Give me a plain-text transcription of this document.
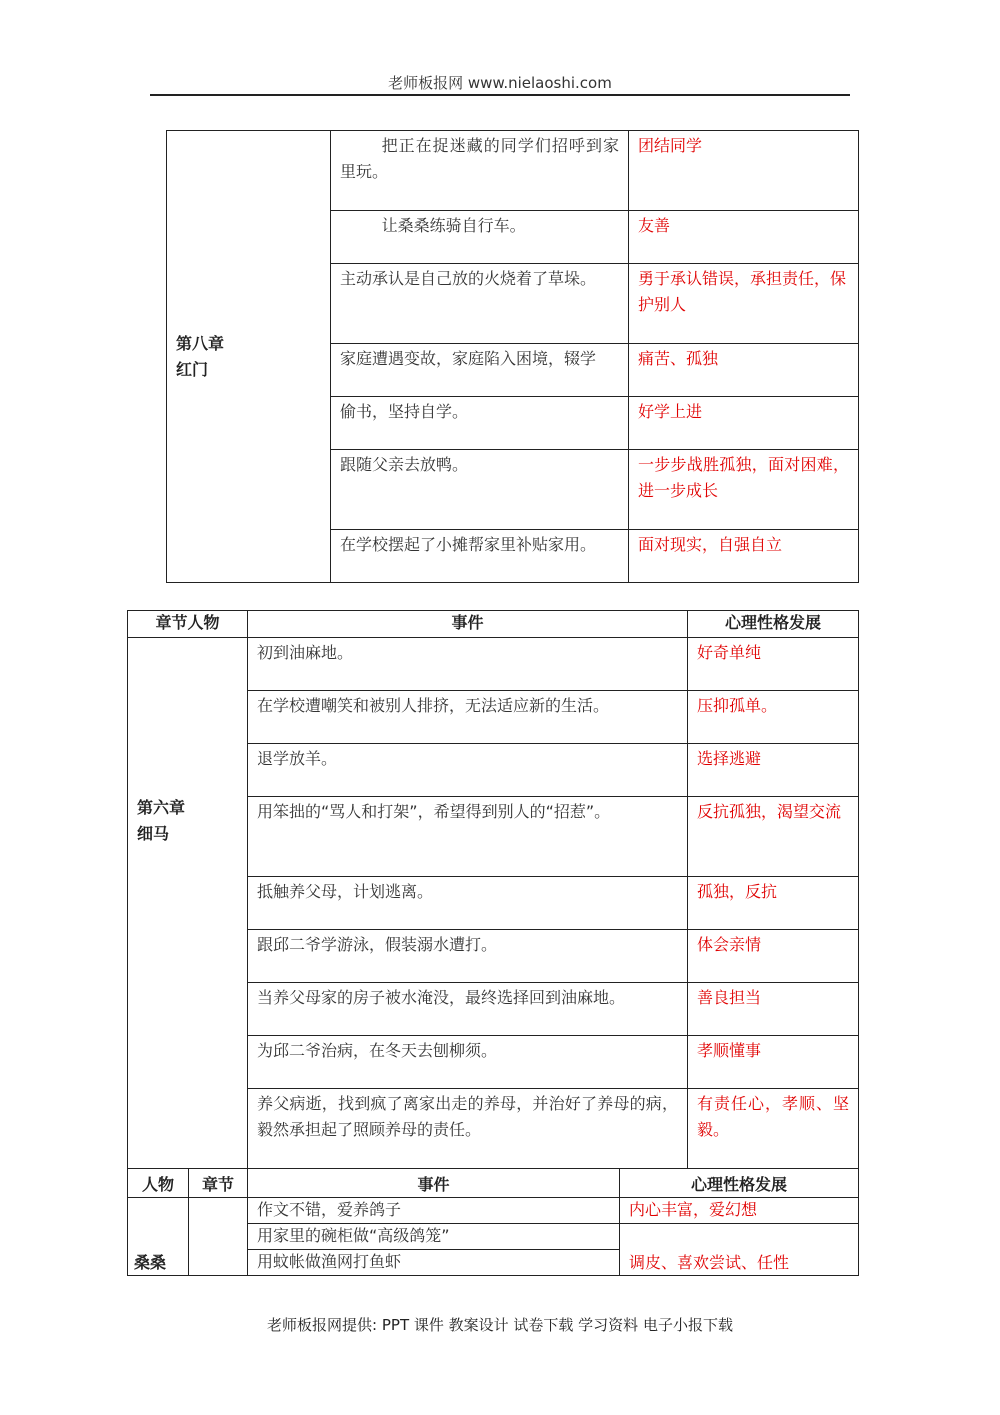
老师板报网 www.nielaoshi.com
第八章
红门	把正在捉迷藏的同学们招呼到家里玩。	团结同学
	让桑桑练骑自行车。	友善
	主动承认是自己放的火烧着了草垛。	勇于承认错误，承担责任，保护别人
	家庭遭遇变故，家庭陷入困境，辍学	痛苦、孤独
	偷书，坚持自学。	好学上进
	跟随父亲去放鸭。	一步步战胜孤独，面对困难，进一步成长
	在学校摆起了小摊帮家里补贴家用。	面对现实，自强自立
章节人物	事件	心理性格发展

第六章
细马	初到油麻地。	好奇单纯
	在学校遭嘲笑和被别人排挤，无法适应新的生活。	压抑孤单。
	退学放羊。	选择逃避
	用笨拙的“骂人和打架”，希望得到别人的“招惹”。	反抗孤独，渴望交流
	抵触养父母，计划逃离。	孤独，反抗
	跟邱二爷学游泳，假装溺水遭打。	体会亲情
	当养父母家的房子被水淹没，最终选择回到油麻地。	善良担当
	为邱二爷治病，在冬天去刨柳须。	孝顺懂事
	养父病逝，找到疯了离家出走的养母，并治好了养母的病，毅然承担起了照顾养母的责任。	有责任心，孝顺、坚毅。
人物	章节	事件	心理性格发展
桑桑		作文不错，爱养鸽子	内心丰富，爱幻想
		用家里的碗柜做“高级鸽笼”	调皮、喜欢尝试、任性
		用蚊帐做渔网打鱼虾	
老师板报网提供: PPT 课件 教案设计 试卷下载 学习资料 电子小报下载
